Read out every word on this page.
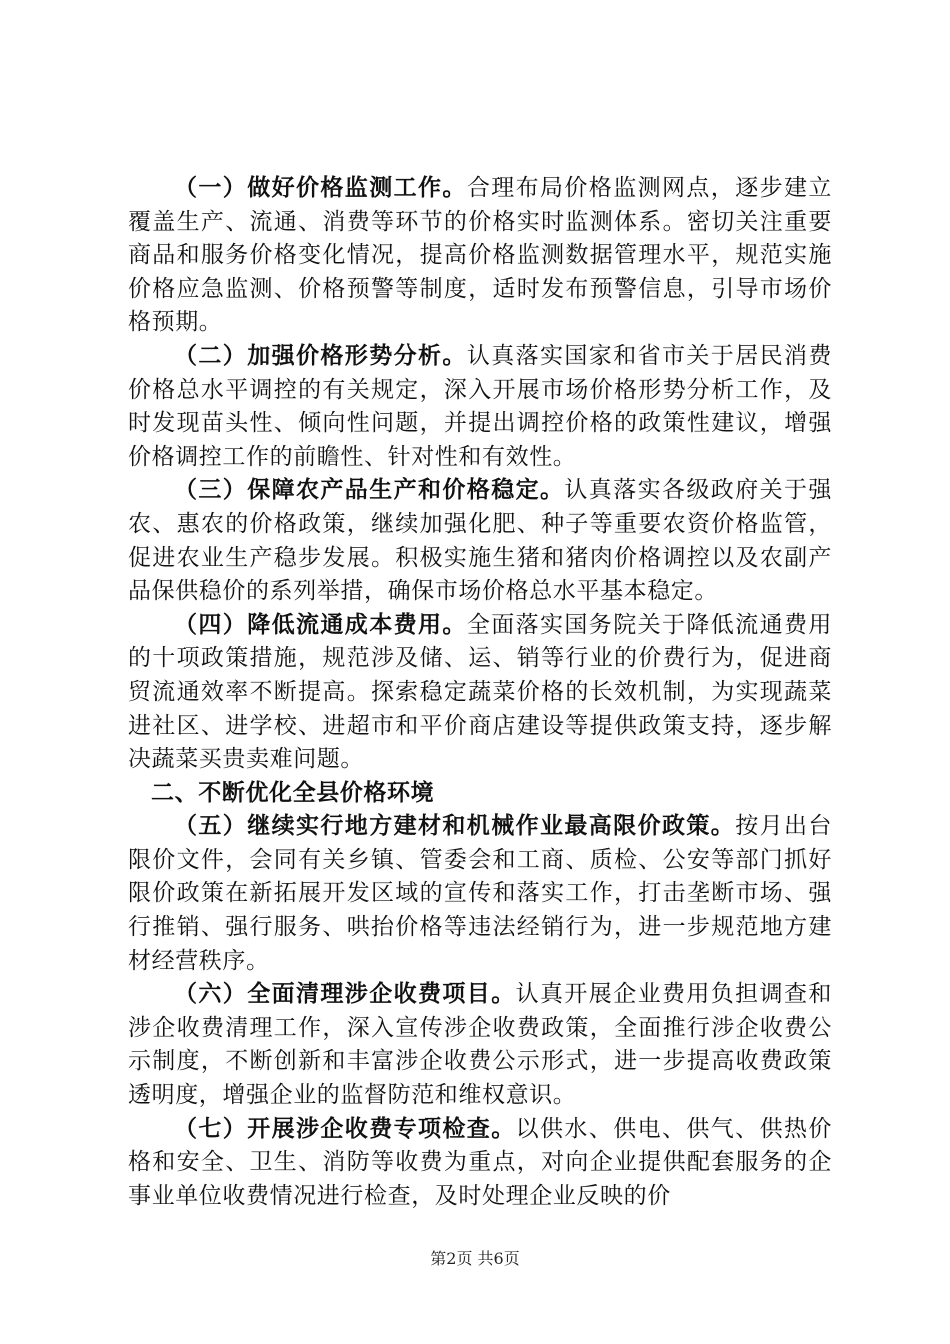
（一）做好价格监测工作。合理布局价格监测网点，逐步建立覆盖生产、流通、消费等环节的价格实时监测体系。密切关注重要商品和服务价格变化情况，提高价格监测数据管理水平，规范实施价格应急监测、价格预警等制度，适时发布预警信息，引导市场价格预期。

（二）加强价格形势分析。认真落实国家和省市关于居民消费价格总水平调控的有关规定，深入开展市场价格形势分析工作，及时发现苗头性、倾向性问题，并提出调控价格的政策性建议，增强价格调控工作的前瞻性、针对性和有效性。

（三）保障农产品生产和价格稳定。认真落实各级政府关于强农、惠农的价格政策，继续加强化肥、种子等重要农资价格监管，促进农业生产稳步发展。积极实施生猪和猪肉价格调控以及农副产品保供稳价的系列举措，确保市场价格总水平基本稳定。

（四）降低流通成本费用。全面落实国务院关于降低流通费用的十项政策措施，规范涉及储、运、销等行业的价费行为，促进商贸流通效率不断提高。探索稳定蔬菜价格的长效机制，为实现蔬菜进社区、进学校、进超市和平价商店建设等提供政策支持，逐步解决蔬菜买贵卖难问题。

二、不断优化全县价格环境

（五）继续实行地方建材和机械作业最高限价政策。按月出台限价文件，会同有关乡镇、管委会和工商、质检、公安等部门抓好限价政策在新拓展开发区域的宣传和落实工作，打击垄断市场、强行推销、强行服务、哄抬价格等违法经销行为，进一步规范地方建材经营秩序。

（六）全面清理涉企收费项目。认真开展企业费用负担调查和涉企收费清理工作，深入宣传涉企收费政策，全面推行涉企收费公示制度，不断创新和丰富涉企收费公示形式，进一步提高收费政策透明度，增强企业的监督防范和维权意识。

（七）开展涉企收费专项检查。以供水、供电、供气、供热价格和安全、卫生、消防等收费为重点，对向企业提供配套服务的企事业单位收费情况进行检查，及时处理企业反映的价

第2页 共6页
